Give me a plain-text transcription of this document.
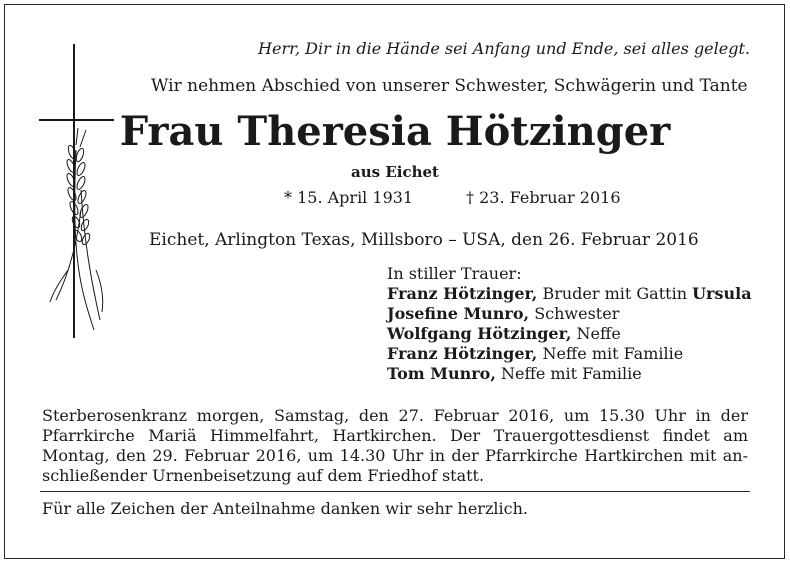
Herr, Dir in die Hände sei Anfang und Ende, sei alles gelegt.
Wir nehmen Abschied von unserer Schwester, Schwägerin und Tante
Frau Theresia Hötzinger
aus Eichet
* 15. April 1931	† 23. Februar 2016
Eichet, Arlington Texas, Millsboro – USA, den 26. Februar 2016
In stiller Trauer:
Franz Hötzinger, Bruder mit Gattin Ursula
Josefine Munro, Schwester
Wolfgang Hötzinger, Neffe
Franz Hötzinger, Neffe mit Familie
Tom Munro, Neffe mit Familie
Sterberosenkranz morgen, Samstag, den 27. Februar 2016, um 15.30 Uhr in der
Pfarrkirche Mariä Himmelfahrt, Hartkirchen. Der Trauergottesdienst findet am
Montag, den 29. Februar 2016, um 14.30 Uhr in der Pfarrkirche Hartkirchen mit an-
schließender Urnenbeisetzung auf dem Friedhof statt.
Für alle Zeichen der Anteilnahme danken wir sehr herzlich.
